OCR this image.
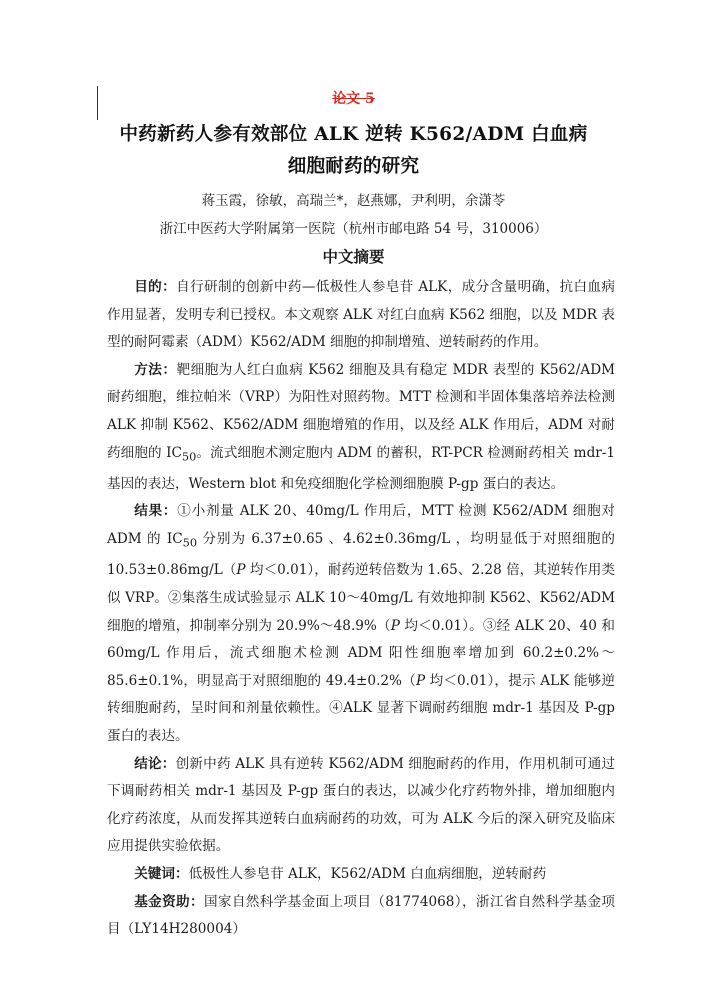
论文 5
中药新药人参有效部位 ALK 逆转 K562/ADM 白血病
细胞耐药的研究
蒋玉霞，徐敏，高瑞兰*，赵燕娜，尹利明，余潇苓
浙江中医药大学附属第一医院（杭州市邮电路 54 号，310006）
中文摘要

目的：自行研制的创新中药—低极性人参皂苷 ALK，成分含量明确，抗白血病作用显著，发明专利已授权。本文观察 ALK 对红白血病 K562 细胞，以及 MDR 表型的耐阿霉素（ADM）K562/ADM 细胞的抑制增殖、逆转耐药的作用。

方法：靶细胞为人红白血病 K562 细胞及具有稳定 MDR 表型的 K562/ADM 耐药细胞，维拉帕米（VRP）为阳性对照药物。MTT 检测和半固体集落培养法检测 ALK 抑制 K562、K562/ADM 细胞增殖的作用，以及经 ALK 作用后，ADM 对耐药细胞的 $IC_{50}$。流式细胞术测定胞内 ADM 的蓄积，RT-PCR 检测耐药相关 mdr-1 基因的表达，Western blot 和免疫细胞化学检测细胞膜 P-gp 蛋白的表达。

结果：①小剂量 ALK 20、40mg/L 作用后，MTT 检测 K562/ADM 细胞对 ADM 的 $IC_{50}$ 分别为 6.37±0.65 、4.62±0.36mg/L ，均明显低于对照细胞的 10.53±0.86mg/L（P 均＜0.01），耐药逆转倍数为 1.65、2.28 倍，其逆转作用类似 VRP。②集落生成试验显示 ALK 10～40mg/L 有效地抑制 K562、K562/ADM 细胞的增殖，抑制率分别为 20.9%～48.9%（P 均＜0.01）。③经 ALK 20、40 和 60mg/L 作用后，流式细胞术检测 ADM 阳性细胞率增加到 60.2±0.2%～85.6±0.1%，明显高于对照细胞的 49.4±0.2%（P 均＜0.01），提示 ALK 能够逆转细胞耐药，呈时间和剂量依赖性。④ALK 显著下调耐药细胞 mdr-1 基因及 P-gp 蛋白的表达。

结论：创新中药 ALK 具有逆转 K562/ADM 细胞耐药的作用，作用机制可通过下调耐药相关 mdr-1 基因及 P-gp 蛋白的表达，以减少化疗药物外排，增加细胞内化疗药浓度，从而发挥其逆转白血病耐药的功效，可为 ALK 今后的深入研究及临床应用提供实验依据。

关键词：低极性人参皂苷 ALK，K562/ADM 白血病细胞，逆转耐药

基金资助：国家自然科学基金面上项目（81774068），浙江省自然科学基金项目（LY14H280004）
